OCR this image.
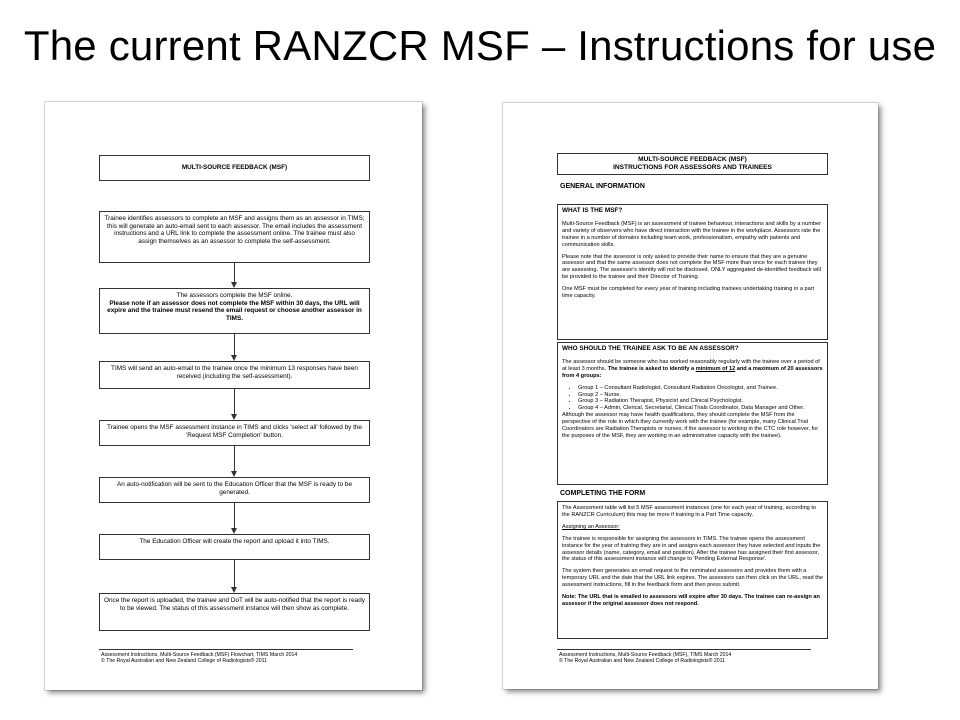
The current RANZCR MSF – Instructions for use
MULTI-SOURCE FEEDBACK (MSF)
Trainee identifies assessors to complete an MSF and assigns them as an assessor in TIMS; this will generate an auto-email sent to each assessor. The email includes the assessment instructions and a URL link to complete the assessment online. The trainee must also assign themselves as an assessor to complete the self-assessment.
The assessors complete the MSF online.
Please note if an assessor does not complete the MSF within 30 days, the URL will expire and the trainee must resend the email request or choose another assessor in TIMS.
TIMS will send an auto-email to the trainee once the minimum 13 responses have been received (including the self-assessment).
Trainee opens the MSF assessment instance in TIMS and clicks 'select all' followed by the 'Request MSF Completion' button.
An auto-notification will be sent to the Education Officer that the MSF is ready to be generated.
The Education Officer will create the report and upload it into TIMS.
Once the report is uploaded, the trainee and DoT will be auto-notified that the report is ready to be viewed. The status of this assessment instance will then show as complete.
Assessment Instructions, Multi-Source Feedback (MSF) Flowchart, TIMS March 2014
© The Royal Australian and New Zealand College of Radiologists® 2011
MULTI-SOURCE FEEDBACK (MSF)
INSTRUCTIONS FOR ASSESSORS AND TRAINEES
GENERAL INFORMATION
WHAT IS THE MSF?

Multi-Source Feedback (MSF) is an assessment of trainee behaviour, interactions and skills by a number and variety of observers who have direct interaction with the trainee in the workplace. Assessors rate the trainee in a number of domains including team work, professionalism, empathy with patients and communication skills.

Please note that the assessor is only asked to provide their name to ensure that they are a genuine assessor and that the same assessor does not complete the MSF more than once for each trainee they are assessing. The assessor's identity will not be disclosed. ONLY aggregated de-identified feedback will be provided to the trainee and their Director of Training.

One MSF must be completed for every year of training including trainees undertaking training in a part time capacity.

WHO SHOULD THE TRAINEE ASK TO BE AN ASSESSOR?

The assessor should be someone who has worked reasonably regularly with the trainee over a period of at least 3 months. The trainee is asked to identify a minimum of 12 and a maximum of 20 assessors from 4 groups:

• Group 1 – Consultant Radiologist, Consultant Radiation Oncologist, and Trainee.
• Group 2 – Nurse.
• Group 3 – Radiation Therapist, Physicist and Clinical Psychologist.
• Group 4 – Admin, Clerical, Secretarial, Clinical Trials Coordinator, Data Manager and Other.

Although the assessor may have health qualifications, they should complete the MSF from the perspective of the role in which they currently work with the trainee (for example, many Clinical Trial Coordinators are Radiation Therapists or nurses; if the assessor is working in the CTC role however, for the purposes of the MSF, they are working in an administrative capacity with the trainee).

COMPLETING THE FORM

The Assessment table will list 5 MSF assessment instances (one for each year of training, according to the RANZCR Curriculum) this may be more if training in a Part Time capacity.

Assigning an Assessor:

The trainee is responsible for assigning the assessors in TIMS. The trainee opens the assessment instance for the year of training they are in and assigns each assessor they have selected and inputs the assessor details (name, category, email and position). After the trainee has assigned their first assessor, the status of this assessment instance will change to 'Pending External Response'.

The system then generates an email request to the nominated assessors and provides them with a temporary URL and the date that the URL link expires. The assessors can then click on the URL, read the assessment instructions, fill in the feedback form and then press submit.

Note: The URL that is emailed to assessors will expire after 30 days. The trainee can re-assign an assessor if the original assessor does not respond.

Assessment Instructions, Multi-Source Feedback (MSF), TIMS March 2014
© The Royal Australian and New Zealand College of Radiologists® 2011
